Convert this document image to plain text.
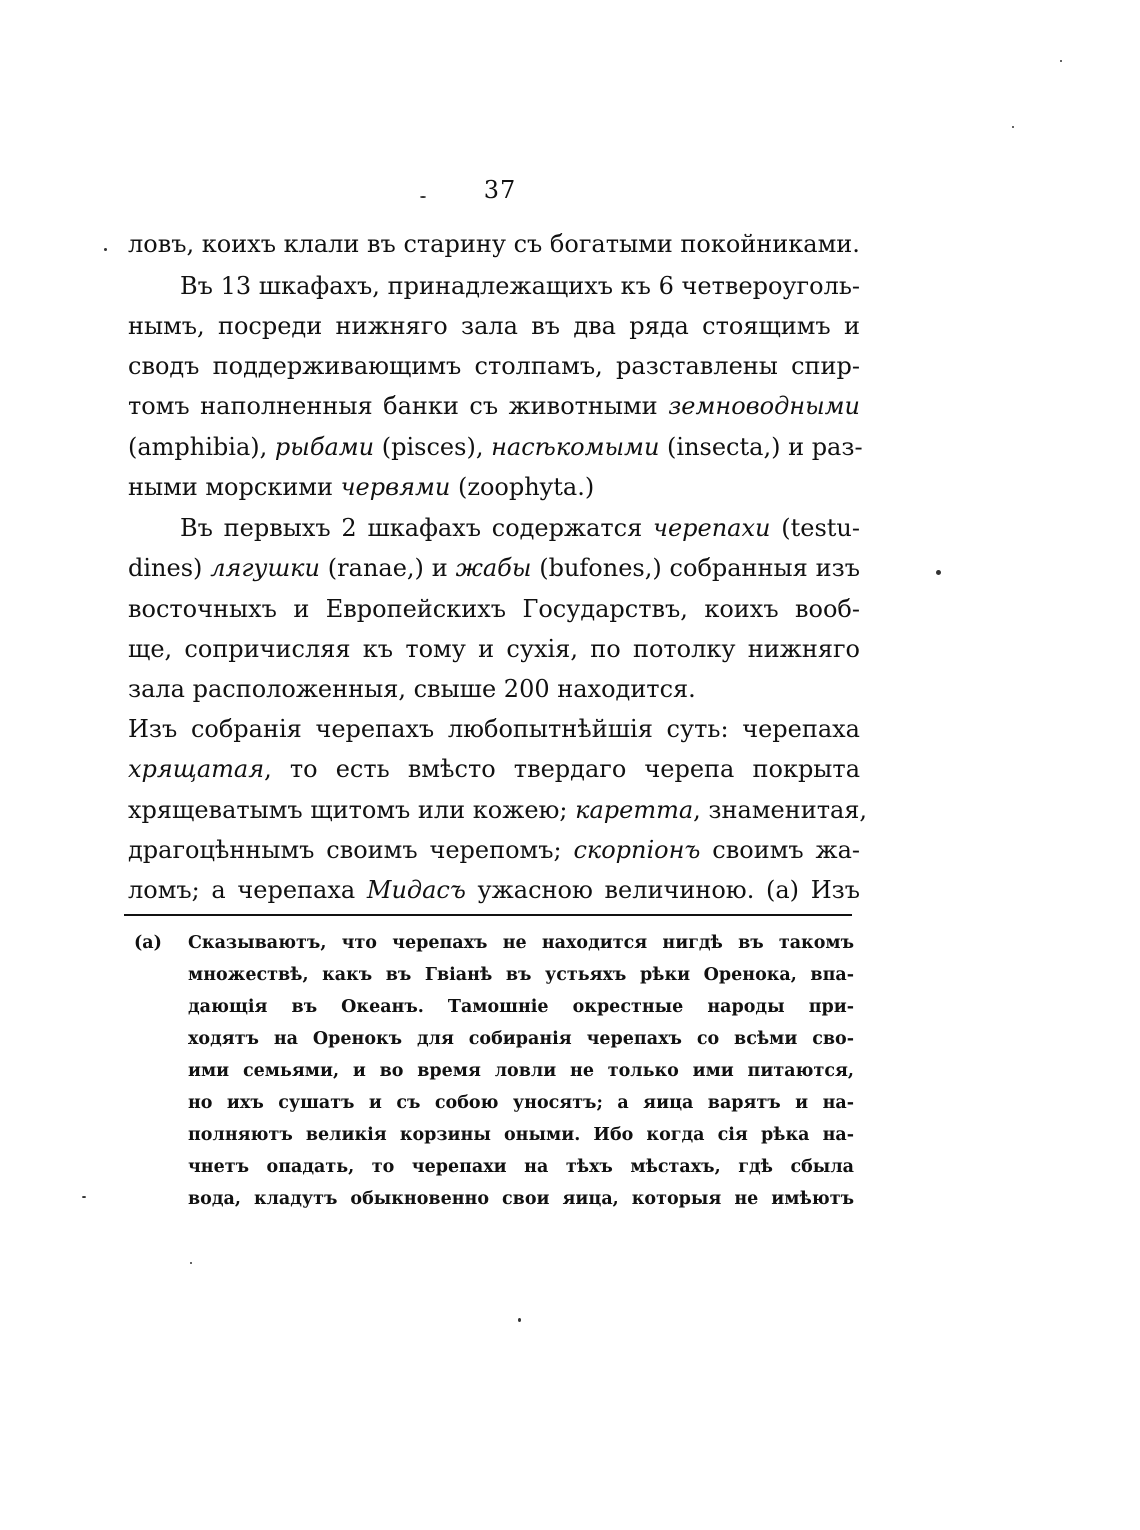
37

ловъ, коихъ клали въ старину съ богатыми покойниками.

Въ 13 шкафахъ, принадлежащихъ къ 6 четвероуголь-

нымъ, посреди нижняго зала въ два ряда стоящимъ и

сводъ поддерживающимъ столпамъ, разставлены спир-

томъ наполненныя банки съ животными земноводными

(amphibia), рыбами (pisces), насѣкомыми (insecta,) и раз-

ными морскими червями (zoophyta.)

Въ первыхъ 2 шкафахъ содержатся черепахи (testu-

dines) лягушки (ranae,) и жабы (bufones,) собранныя изъ

восточныхъ и Европейскихъ Государствъ, коихъ вооб-

ще, сопричисляя къ тому и сухія, по потолку нижняго

зала расположенныя, свыше 200 находится.

Изъ собранія черепахъ любопытнѣйшія суть: черепаха

хрящатая, то есть вмѣсто твердаго черепа покрыта

хрящеватымъ щитомъ или кожею; каретта, знаменитая,

драгоцѣннымъ своимъ черепомъ; скорпіонъ своимъ жа-

ломъ; а черепаха Мидасъ ужасною величиною. (a) Изъ

(a) Сказываютъ, что черепахъ не находится нигдѣ въ такомъ

множествѣ, какъ въ Гвіанѣ въ устьяхъ рѣки Оренока, впа-

дающія въ Океанъ. Тамошніе окрестные народы при-

ходятъ на Оренокъ для собиранія черепахъ со всѣми сво-

ими семьями, и во время ловли не только ими питаются,

но ихъ сушатъ и съ собою уносятъ; а яица варятъ и на-

полняютъ великія корзины оными. Ибо когда сія рѣка на-

чнетъ опадать, то черепахи на тѣхъ мѣстахъ, гдѣ сбыла

вода, кладутъ обыкновенно свои яица, которыя не имѣютъ
